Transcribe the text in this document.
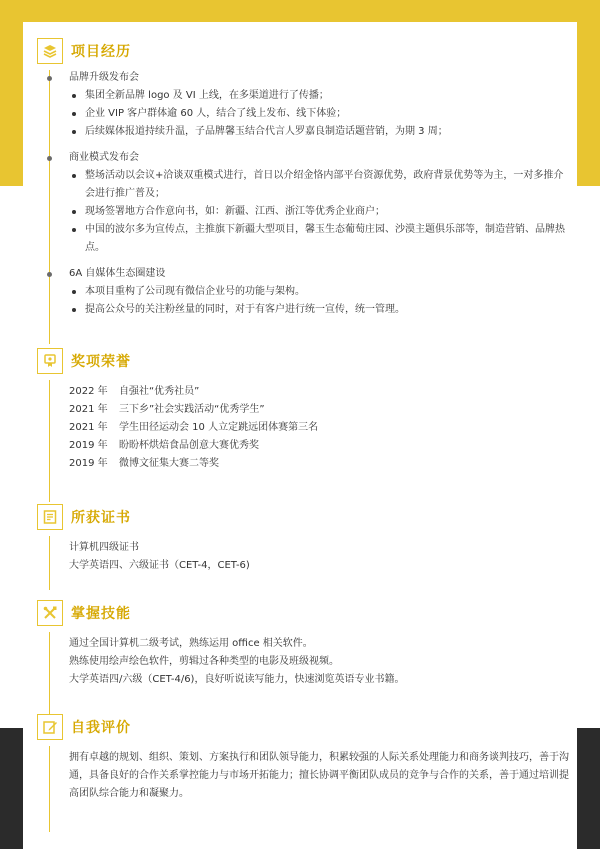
项目经历
品牌升级发布会
集团全新品牌 logo 及 VI 上线，在多渠道进行了传播；
企业 VIP 客户群体逾 60 人，结合了线上发布、线下体验；
后续媒体报道持续升温，子品牌馨玉结合代言人罗嘉良制造话题营销，为期 3 周；
商业模式发布会
整场活动以会议+洽谈双重模式进行，首日以介绍金恪内部平台资源优势，政府背景优势等为主，一对多推介会进行推广普及；
现场签署地方合作意向书，如：新疆、江西、浙江等优秀企业商户；
中国的波尔多为宣传点，主推旗下新疆大型项目，馨玉生态葡萄庄园、沙漠主题俱乐部等，制造营销、品牌热点。
6A 自媒体生态圈建设
本项目重构了公司现有微信企业号的功能与架构。
提高公众号的关注粉丝量的同时，对于有客户进行统一宣传，统一管理。
奖项荣誉
2022 年 自强社“优秀社员”
2021 年 三下乡”社会实践活动“优秀学生”
2021 年 学生田径运动会 10 人立定跳远团体赛第三名
2019 年 盼盼杯烘焙食品创意大赛优秀奖
2019 年 微博文征集大赛二等奖
所获证书
计算机四级证书
大学英语四、六级证书（CET-4，CET-6)
掌握技能
通过全国计算机二级考试，熟练运用 office 相关软件。
熟练使用绘声绘色软件，剪辑过各种类型的电影及班级视频。
大学英语四/六级（CET-4/6)，良好听说读写能力，快速浏览英语专业书籍。
自我评价
拥有卓越的规划、组织、策划、方案执行和团队领导能力，积累较强的人际关系处理能力和商务谈判技巧，善于沟通，具备良好的合作关系掌控能力与市场开拓能力；擅长协调平衡团队成员的竞争与合作的关系，善于通过培训提高团队综合能力和凝聚力。
